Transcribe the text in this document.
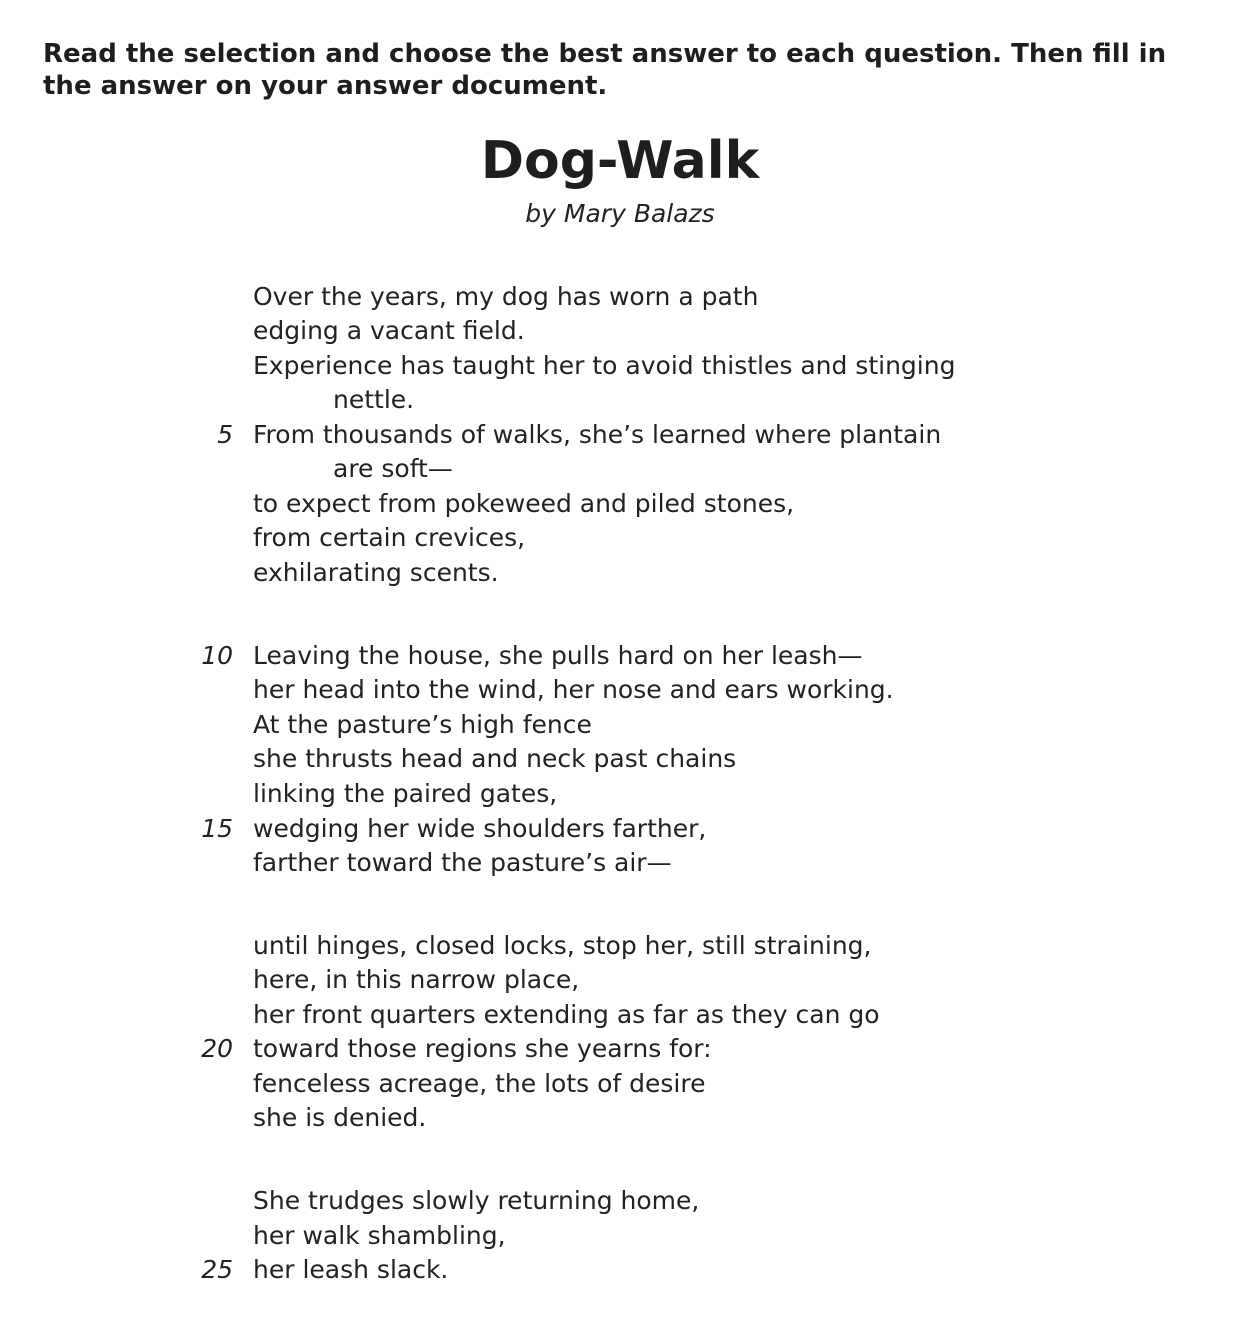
Read the selection and choose the best answer to each question. Then fill in the answer on your answer document.

Dog-Walk

by Mary Balazs

Over the years, my dog has worn a path
edging a vacant field.
Experience has taught her to avoid thistles and stinging
nettle.
5 From thousands of walks, she’s learned where plantain
are soft—
to expect from pokeweed and piled stones,
from certain crevices,
exhilarating scents.
10 Leaving the house, she pulls hard on her leash—
her head into the wind, her nose and ears working.
At the pasture’s high fence
she thrusts head and neck past chains
linking the paired gates,
15 wedging her wide shoulders farther,
farther toward the pasture’s air—
until hinges, closed locks, stop her, still straining,
here, in this narrow place,
her front quarters extending as far as they can go
20 toward those regions she yearns for:
fenceless acreage, the lots of desire
she is denied.
She trudges slowly returning home,
her walk shambling,
25 her leash slack.
